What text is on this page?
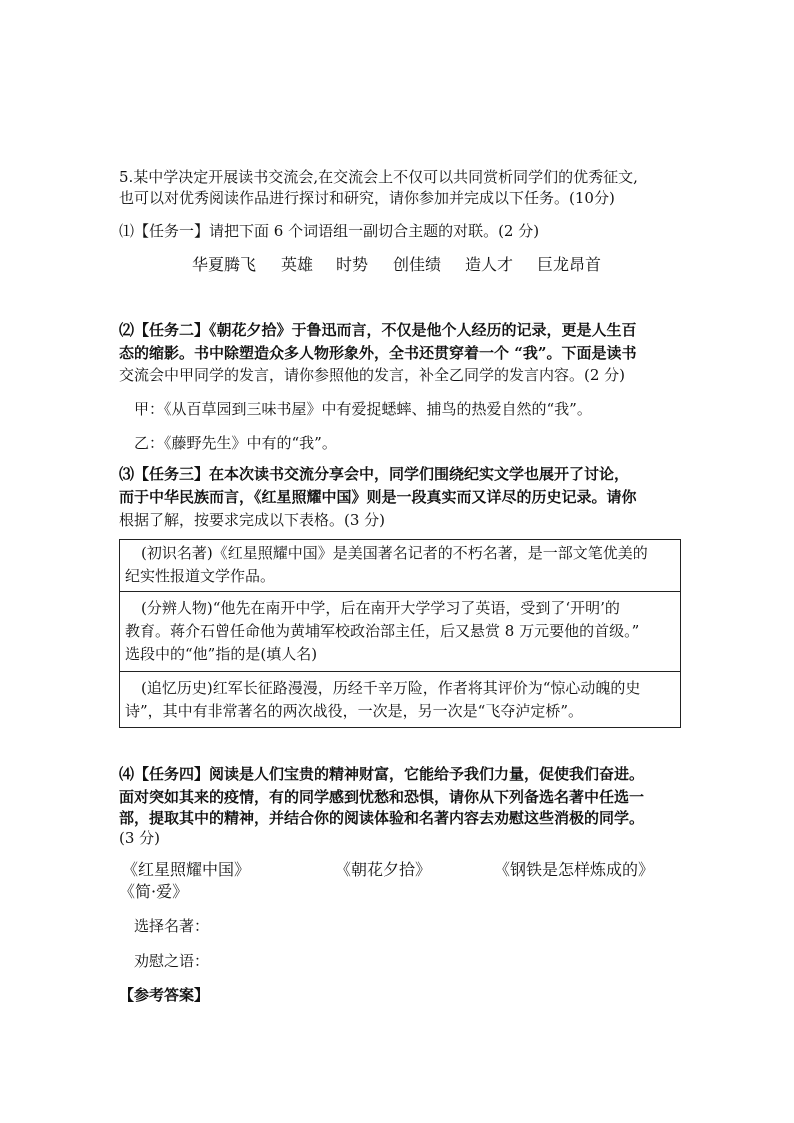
5.某中学决定开展读书交流会,在交流会上不仅可以共同赏析同学们的优秀征文,
也可以对优秀阅读作品进行探讨和研究，请你参加并完成以下任务。(10分)
⑴【任务一】请把下面 6 个词语组一副切合主题的对联。(2 分)
华夏腾飞 英雄 时势 创佳绩 造人才 巨龙昂首
⑵【任务二】《朝花夕拾》于鲁迅而言，不仅是他个人经历的记录，更是人生百
态的缩影。书中除塑造众多人物形象外，全书还贯穿着一个 “我”。下面是读书
交流会中甲同学的发言，请你参照他的发言，补全乙同学的发言内容。(2 分)
甲：《从百草园到三味书屋》中有爱捉蟋蟀、捕鸟的热爱自然的“我”。
乙：《藤野先生》中有的“我”。
⑶【任务三】在本次读书交流分享会中，同学们围绕纪实文学也展开了讨论，
而于中华民族而言，《红星照耀中国》则是一段真实而又详尽的历史记录。请你
根据了解，按要求完成以下表格。(3 分)
(初识名著)《红星照耀中国》是美国著名记者的不朽名著，是一部文笔优美的
纪实性报道文学作品。
(分辨人物)“他先在南开中学，后在南开大学学习了英语，受到了‘开明’的
教育。蒋介石曾任命他为黄埔军校政治部主任，后又悬赏 8 万元要他的首级。”
选段中的“他”指的是(填人名)
(追忆历史)红军长征路漫漫，历经千辛万险，作者将其评价为“惊心动魄的史
诗”，其中有非常著名的两次战役，一次是，另一次是“飞夺泸定桥”。
⑷【任务四】阅读是人们宝贵的精神财富，它能给予我们力量，促使我们奋进。
面对突如其来的疫情，有的同学感到忧愁和恐惧，请你从下列备选名著中任选一
部，提取其中的精神，并结合你的阅读体验和名著内容去劝慰这些消极的同学。
(3 分)
《红星照耀中国》	《朝花夕拾》	《钢铁是怎样炼成的》
《简·爱》
选择名著：
劝慰之语：
【参考答案】
